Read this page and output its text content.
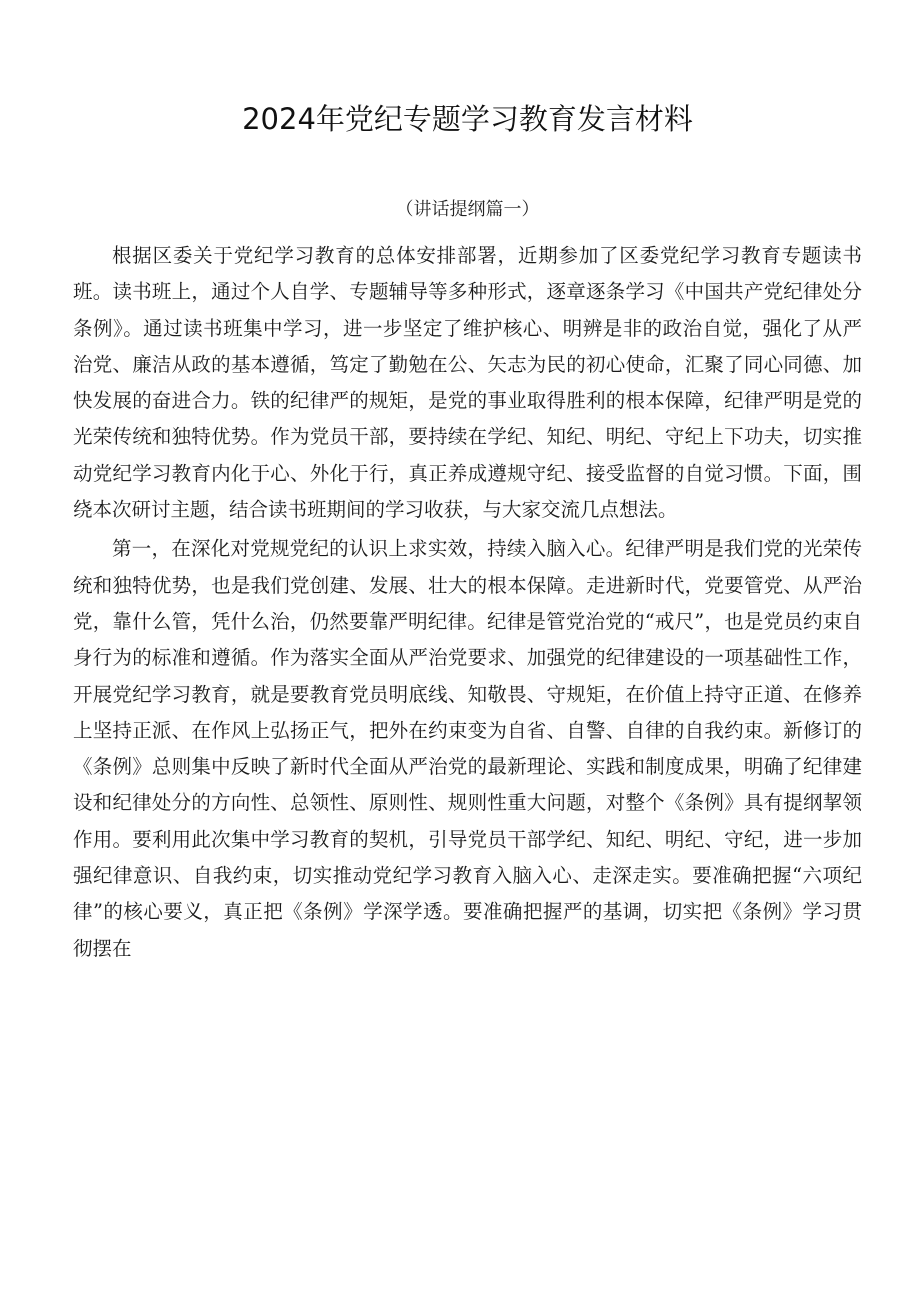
2024年党纪专题学习教育发言材料
（讲话提纲篇一）

根据区委关于党纪学习教育的总体安排部署，近期参加了区委党纪学习教育专题读书班。读书班上，通过个人自学、专题辅导等多种形式，逐章逐条学习《中国共产党纪律处分条例》。通过读书班集中学习，进一步坚定了维护核心、明辨是非的政治自觉，强化了从严治党、廉洁从政的基本遵循，笃定了勤勉在公、矢志为民的初心使命，汇聚了同心同德、加快发展的奋进合力。铁的纪律严的规矩，是党的事业取得胜利的根本保障，纪律严明是党的光荣传统和独特优势。作为党员干部，要持续在学纪、知纪、明纪、守纪上下功夫，切实推动党纪学习教育内化于心、外化于行，真正养成遵规守纪、接受监督的自觉习惯。下面，围绕本次研讨主题，结合读书班期间的学习收获，与大家交流几点想法。

第一，在深化对党规党纪的认识上求实效，持续入脑入心。纪律严明是我们党的光荣传统和独特优势，也是我们党创建、发展、壮大的根本保障。走进新时代，党要管党、从严治党，靠什么管，凭什么治，仍然要靠严明纪律。纪律是管党治党的“戒尺”，也是党员约束自身行为的标准和遵循。作为落实全面从严治党要求、加强党的纪律建设的一项基础性工作，开展党纪学习教育，就是要教育党员明底线、知敬畏、守规矩，在价值上持守正道、在修养上坚持正派、在作风上弘扬正气，把外在约束变为自省、自警、自律的自我约束。新修订的《条例》总则集中反映了新时代全面从严治党的最新理论、实践和制度成果，明确了纪律建设和纪律处分的方向性、总领性、原则性、规则性重大问题，对整个《条例》具有提纲挈领作用。要利用此次集中学习教育的契机，引导党员干部学纪、知纪、明纪、守纪，进一步加强纪律意识、自我约束，切实推动党纪学习教育入脑入心、走深走实。要准确把握“六项纪律”的核心要义，真正把《条例》学深学透。要准确把握严的基调，切实把《条例》学习贯彻摆在
